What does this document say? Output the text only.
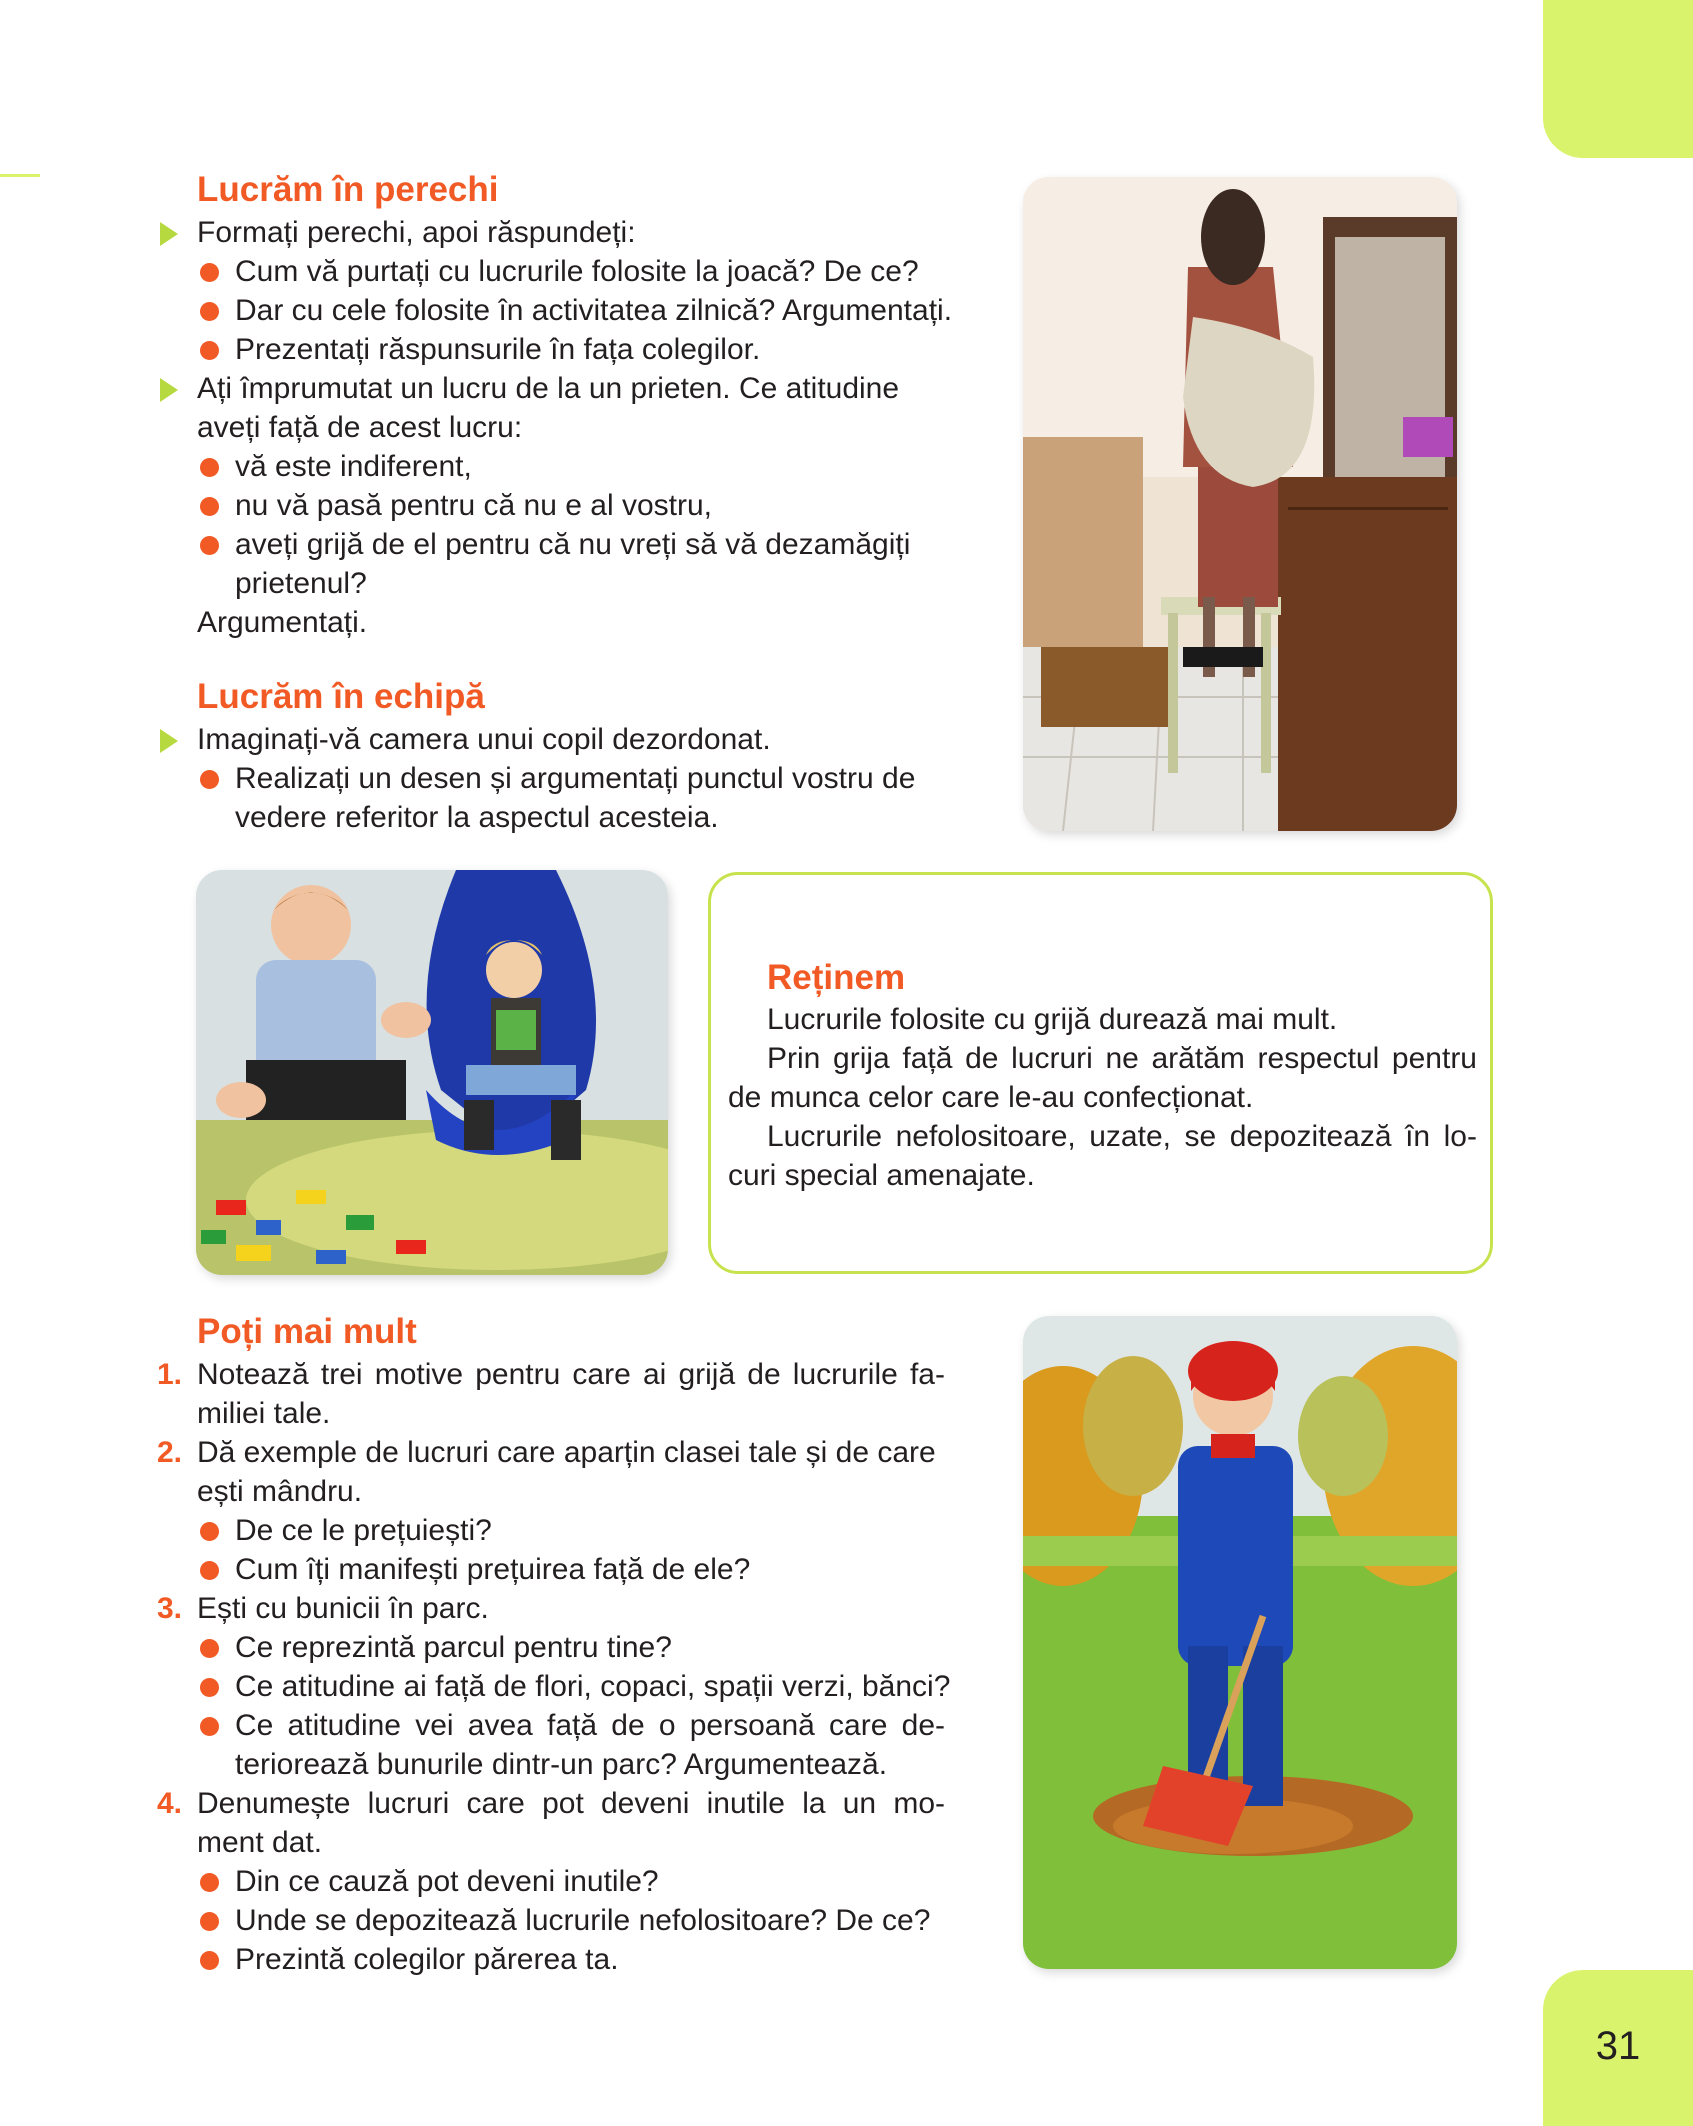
31
Lucrăm în perechi
Formați perechi, apoi răspundeți:
Cum vă purtați cu lucrurile folosite la joacă? De ce?
Dar cu cele folosite în activitatea zilnică? Argumentați.
Prezentați răspunsurile în fața colegilor.
Ați împrumutat un lucru de la un prieten. Ce atitudine
aveți față de acest lucru:
vă este indiferent,
nu vă pasă pentru că nu e al vostru,
aveți grijă de el pentru că nu vreți să vă dezamăgiți
prietenul?
Argumentați.
Lucrăm în echipă
Imaginați-vă camera unui copil dezordonat.
Realizați un desen și argumentați punctul vostru de
vedere referitor la aspectul acesteia.
Reținem
Lucrurile folosite cu grijă durează mai mult.
Prin grija față de lucruri ne arătăm respectul pentru
de munca celor care le-au confecționat.
Lucrurile nefolositoare, uzate, se depozitează în lo-
curi special amenajate.
Poți mai mult
1. Notează trei motive pentru care ai grijă de lucrurile fa-
miliei tale.
2. Dă exemple de lucruri care aparțin clasei tale și de care
ești mândru.
De ce le prețuiești?
Cum îți manifești prețuirea față de ele?
3. Ești cu bunicii în parc.
Ce reprezintă parcul pentru tine?
Ce atitudine ai față de flori, copaci, spații verzi, bănci?
Ce atitudine vei avea față de o persoană care de-
teriorează bunurile dintr-un parc? Argumentează.
4. Denumește lucruri care pot deveni inutile la un mo-
ment dat.
Din ce cauză pot deveni inutile?
Unde se depozitează lucrurile nefolositoare? De ce?
Prezintă colegilor părerea ta.
